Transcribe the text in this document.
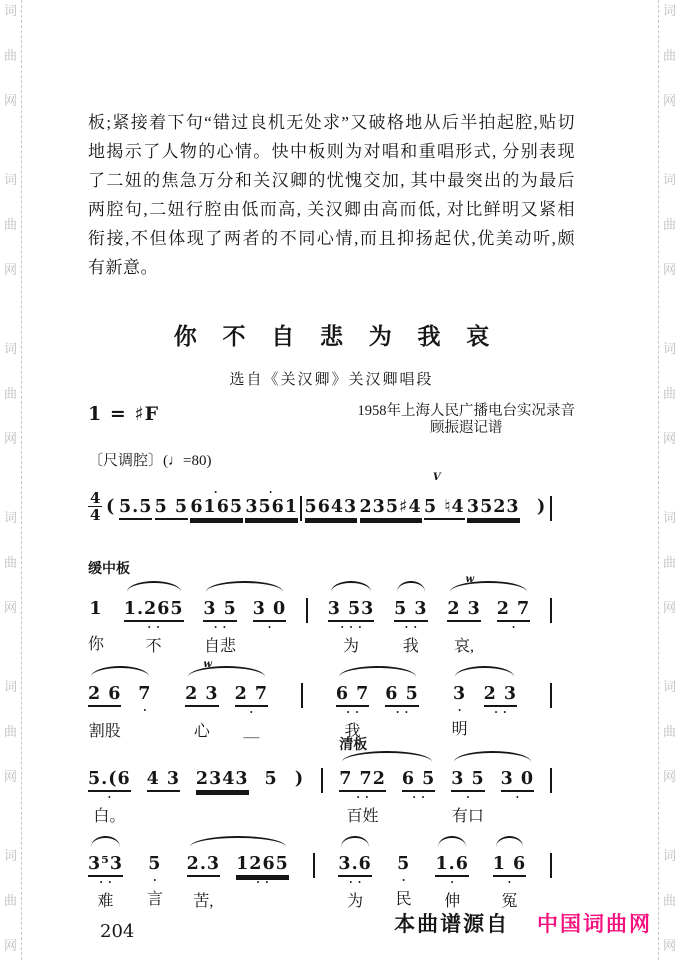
词
曲
网
词
曲
网
词
曲
网
词
曲
网
词
曲
网
词
曲
网
词
曲
网
词
曲
网
词
曲
网
词
曲
网
词
曲
网
词
曲
网
板;紧接着下句“错过良机无处求”又破格地从后半拍起腔,贴切
地揭示了人物的心情。快中板则为对唱和重唱形式, 分别表现
了二妞的焦急万分和关汉卿的忧愧交加, 其中最突出的为最后
两腔句,二妞行腔由低而高, 关汉卿由高而低, 对比鲜明又紧相
衔接,不但体现了两者的不同心情,而且抑扬起伏,优美动听,颇
有新意。
你 不 自 悲 为 我 哀
选自《关汉卿》关汉卿唱段
1 = ♯F	1958年上海人民广播电台实况录音
顾振遐记谱
〔尺调腔〕(♩=80)
$\frac{4}{4}$ ( 5.5 5 5
•
6165
•
3561 5643 235♯4
V
5 ♮4 3523 )
缓中板
1
你
1.265
••
不
3 5
••
自悲
3 0
•
3 53
•••
为
5 3
••
我
w
2 3
哀,
2 7
•
2 6
割股
7
•
w
2 3
心
2 7
•
＿
6 7
••
我
6 5
••
3
•
明
2 3
••
5.(6
•
白。
4 3 2343 5 )
清板
7 72
••
百姓
6 5
••
3 5
•
有口
3 0
•
3⁵3
••
难
5
•
言
2.3
苦,
1265
••
3.6
••
为
5
•
民
1.6
•
伸
1 6
•
冤
204	本曲谱源自 中国词曲网
